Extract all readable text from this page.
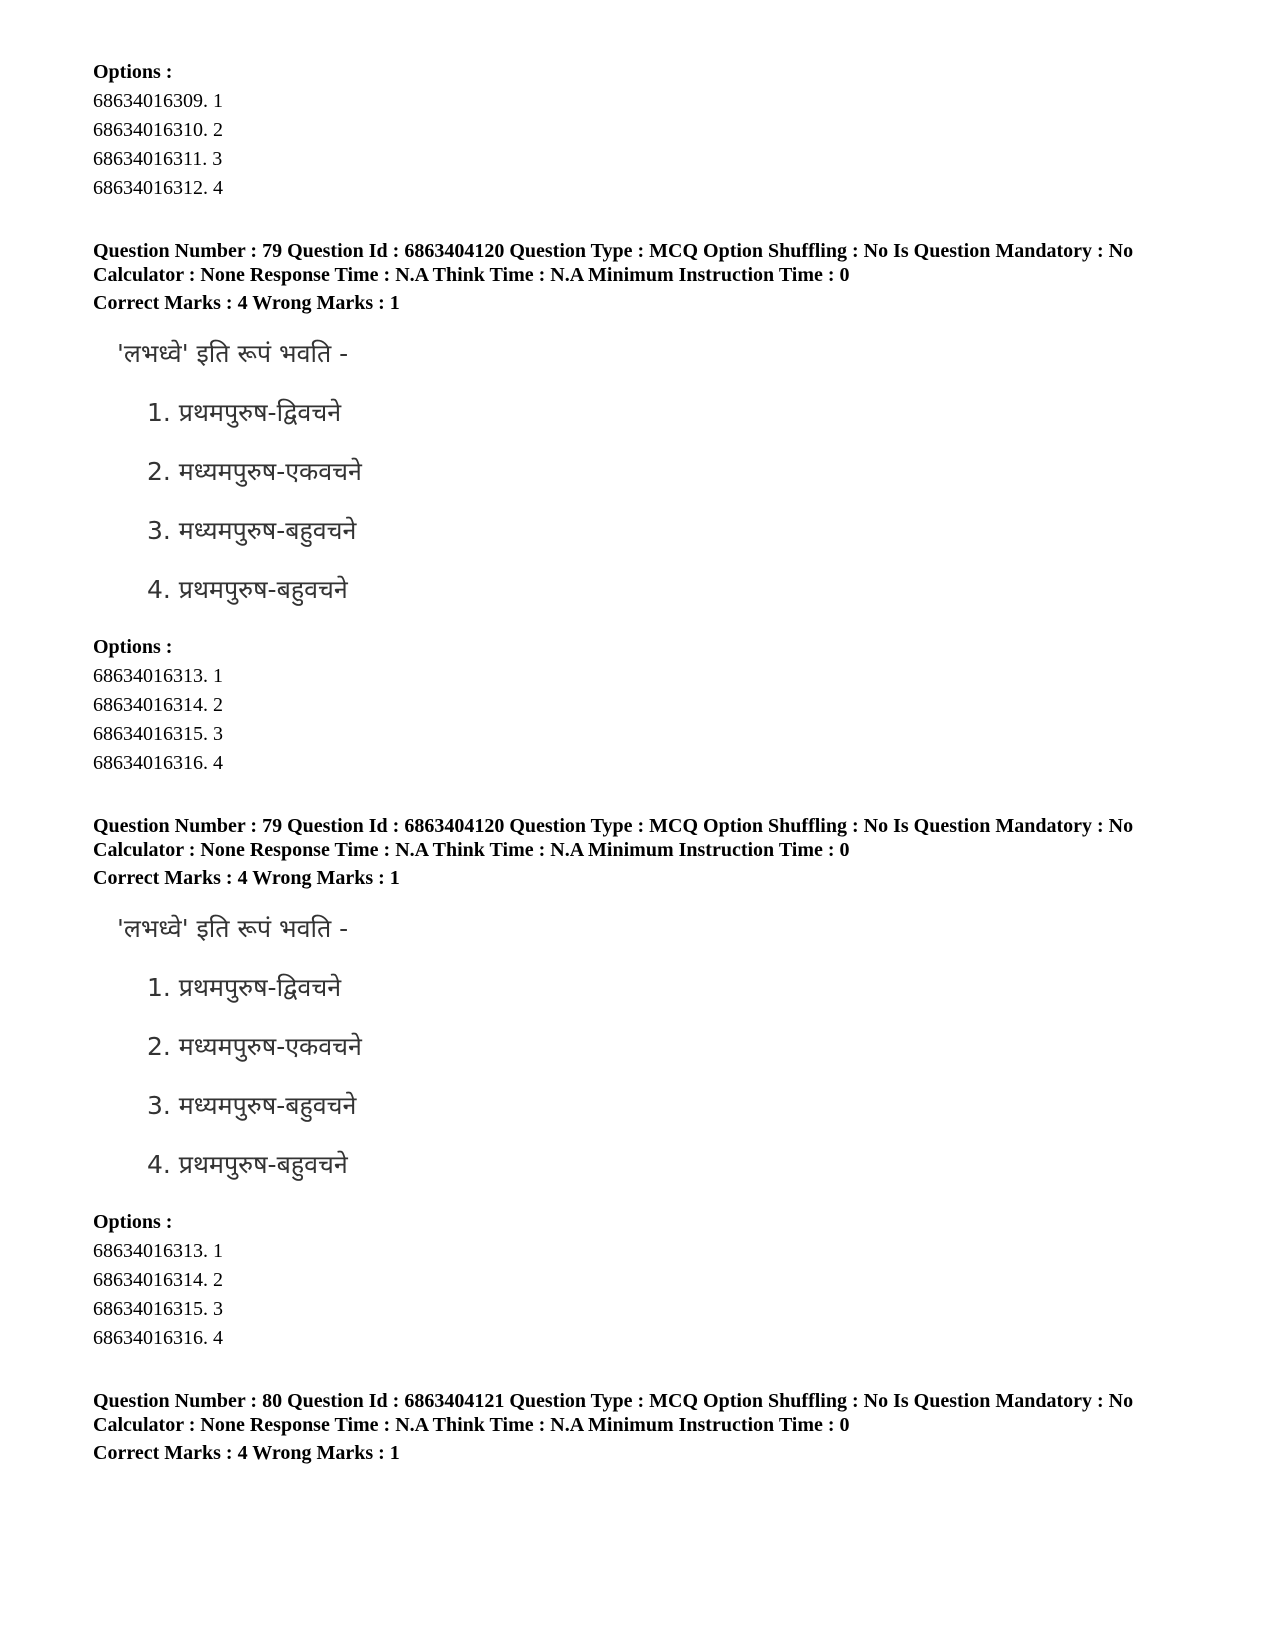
Options :
68634016309. 1
68634016310. 2
68634016311. 3
68634016312. 4
Question Number : 79 Question Id : 6863404120 Question Type : MCQ Option Shuffling : No Is Question Mandatory : No Calculator : None Response Time : N.A Think Time : N.A Minimum Instruction Time : 0
Correct Marks : 4 Wrong Marks : 1
'लभध्वे' इति रूपं भवति -
1. प्रथमपुरुष-द्विवचने
2. मध्यमपुरुष-एकवचने
3. मध्यमपुरुष-बहुवचने
4. प्रथमपुरुष-बहुवचने
Options :
68634016313. 1
68634016314. 2
68634016315. 3
68634016316. 4
Question Number : 79 Question Id : 6863404120 Question Type : MCQ Option Shuffling : No Is Question Mandatory : No Calculator : None Response Time : N.A Think Time : N.A Minimum Instruction Time : 0
Correct Marks : 4 Wrong Marks : 1
'लभध्वे' इति रूपं भवति -
1. प्रथमपुरुष-द्विवचने
2. मध्यमपुरुष-एकवचने
3. मध्यमपुरुष-बहुवचने
4. प्रथमपुरुष-बहुवचने
Options :
68634016313. 1
68634016314. 2
68634016315. 3
68634016316. 4
Question Number : 80 Question Id : 6863404121 Question Type : MCQ Option Shuffling : No Is Question Mandatory : No Calculator : None Response Time : N.A Think Time : N.A Minimum Instruction Time : 0
Correct Marks : 4 Wrong Marks : 1
